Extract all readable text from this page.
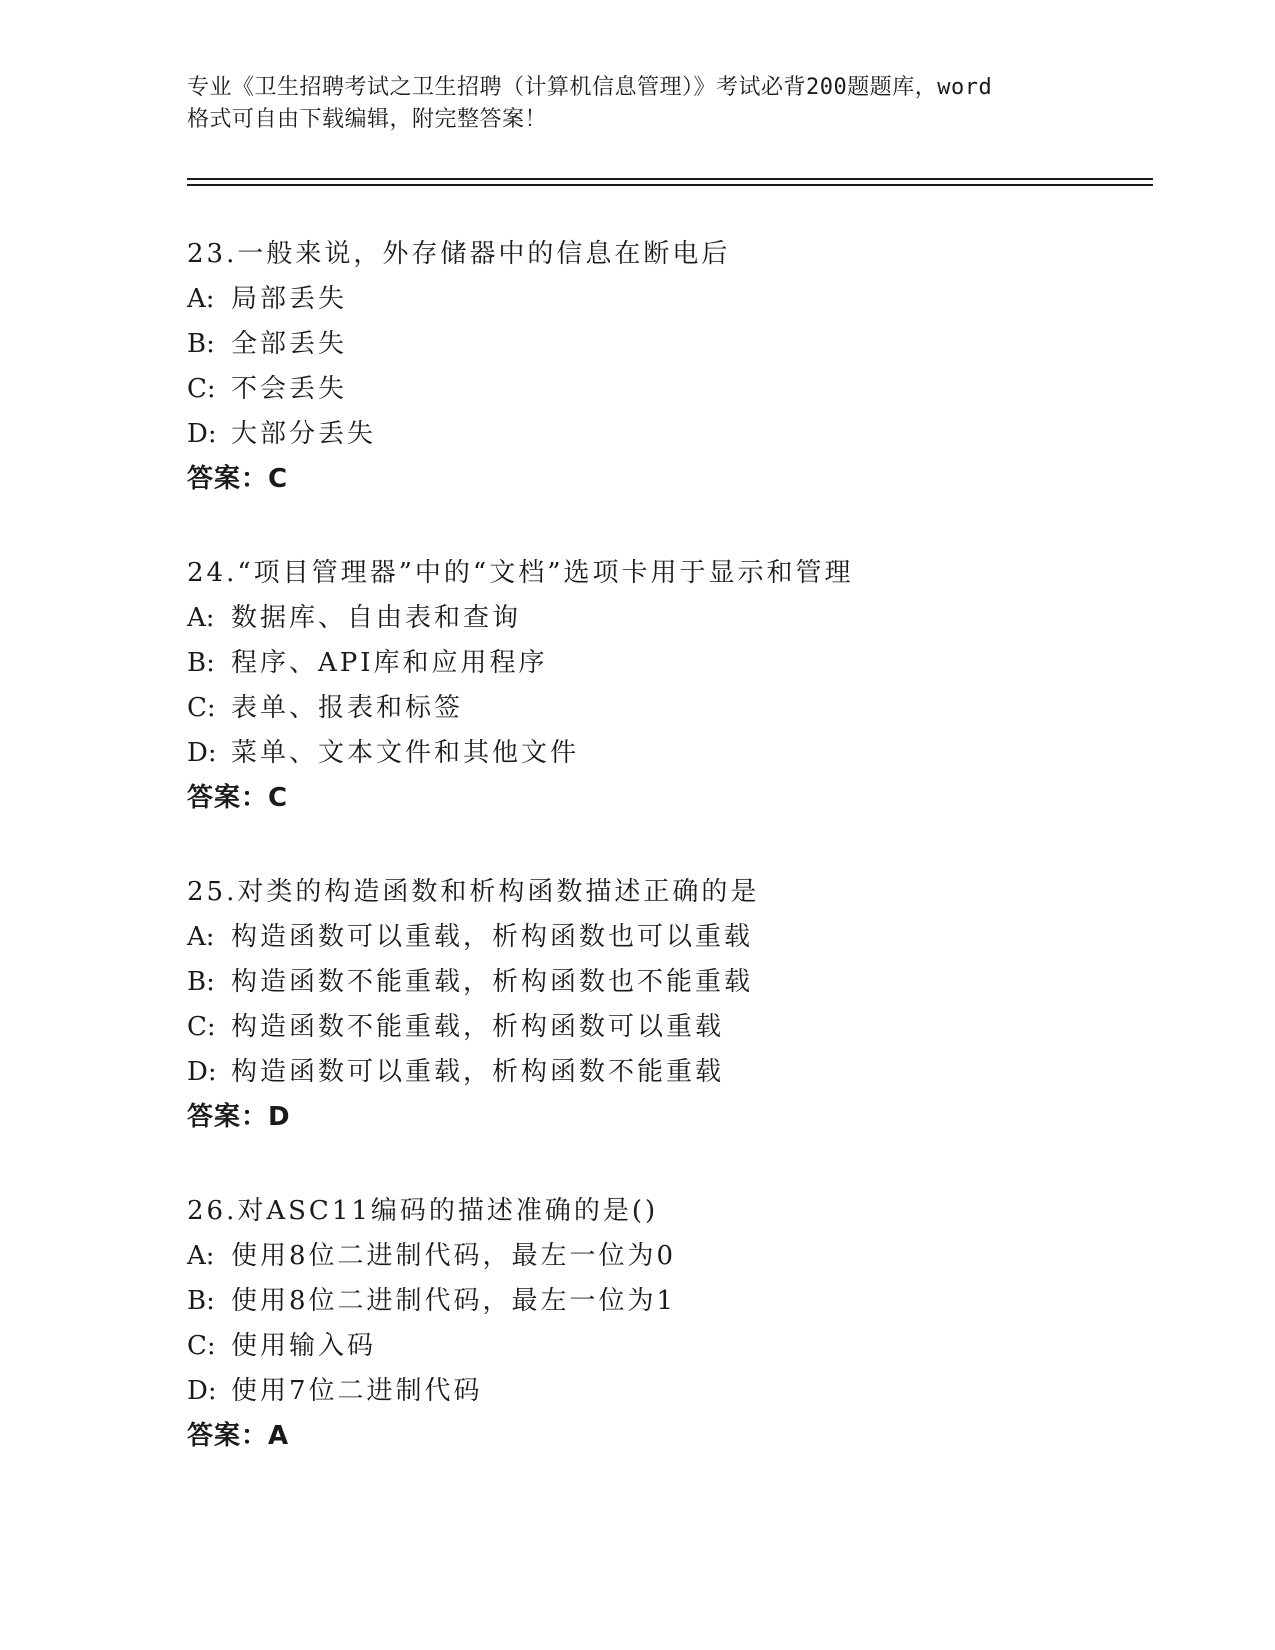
专业《卫生招聘考试之卫生招聘（计算机信息管理）》考试必背200题题库，word
格式可自由下载编辑，附完整答案！
23.一般来说，外存储器中的信息在断电后
A: 局部丢失
B: 全部丢失
C: 不会丢失
D: 大部分丢失
答案：C
24.“项目管理器”中的“文档”选项卡用于显示和管理
A: 数据库、自由表和查询
B: 程序、API库和应用程序
C: 表单、报表和标签
D: 菜单、文本文件和其他文件
答案：C
25.对类的构造函数和析构函数描述正确的是
A: 构造函数可以重载，析构函数也可以重载
B: 构造函数不能重载，析构函数也不能重载
C: 构造函数不能重载，析构函数可以重载
D: 构造函数可以重载，析构函数不能重载
答案：D
26.对ASC11编码的描述准确的是()
A: 使用8位二进制代码，最左一位为0
B: 使用8位二进制代码，最左一位为1
C: 使用输入码
D: 使用7位二进制代码
答案：A
